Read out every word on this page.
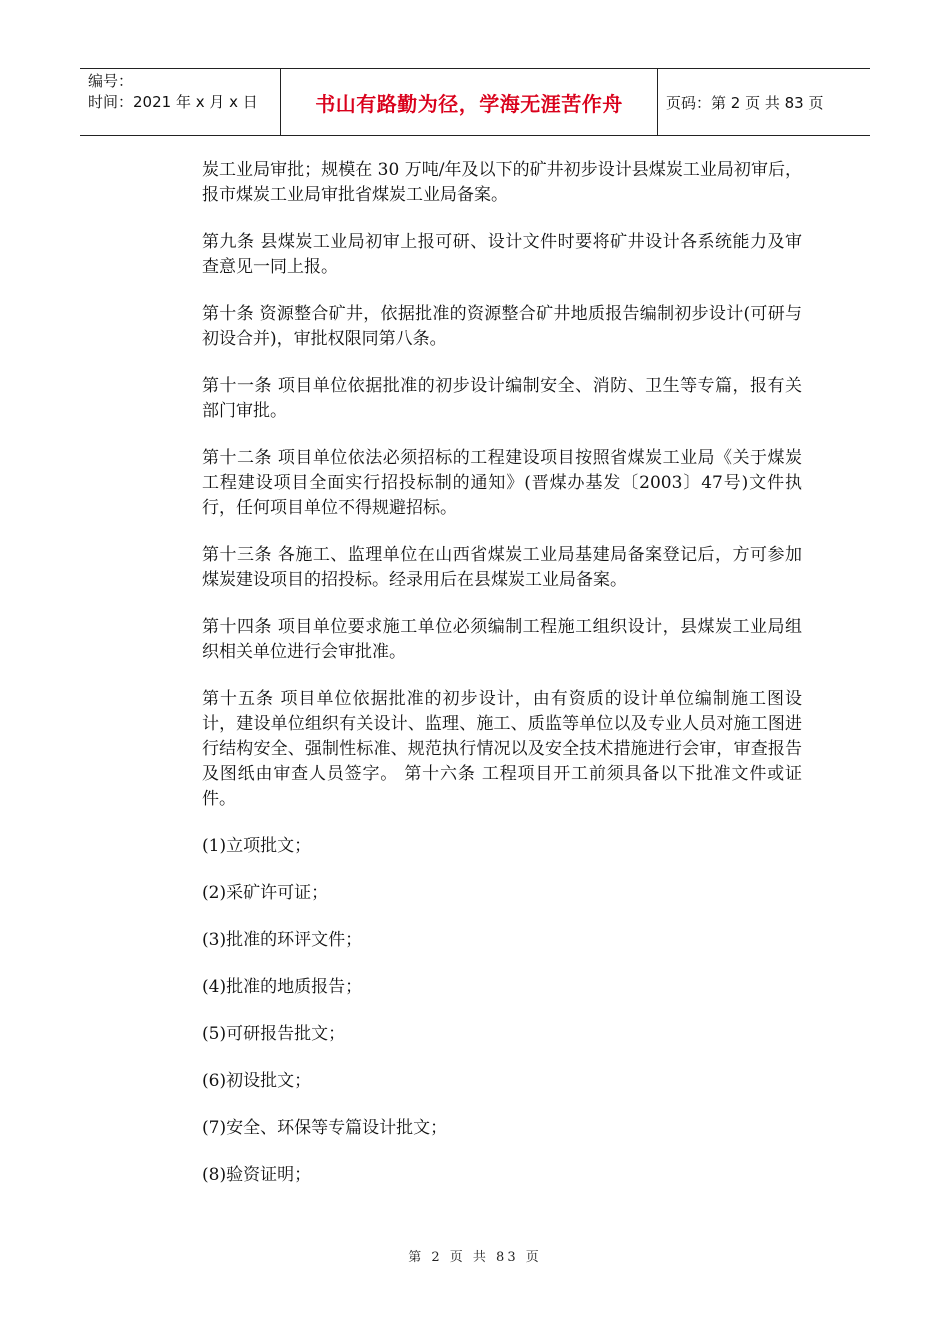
编号：
时间：2021 年 x 月 x 日	书山有路勤为径，学海无涯苦作舟	页码：第 2 页 共 83 页

炭工业局审批；规模在 30 万吨/年及以下的矿井初步设计县煤炭工业局初审后，报市煤炭工业局审批省煤炭工业局备案。

第九条 县煤炭工业局初审上报可研、设计文件时要将矿井设计各系统能力及审查意见一同上报。

第十条 资源整合矿井，依据批准的资源整合矿井地质报告编制初步设计(可研与初设合并)，审批权限同第八条。

第十一条 项目单位依据批准的初步设计编制安全、消防、卫生等专篇，报有关部门审批。

第十二条 项目单位依法必须招标的工程建设项目按照省煤炭工业局《关于煤炭工程建设项目全面实行招投标制的通知》(晋煤办基发〔2003〕47号)文件执行，任何项目单位不得规避招标。

第十三条 各施工、监理单位在山西省煤炭工业局基建局备案登记后，方可参加煤炭建设项目的招投标。经录用后在县煤炭工业局备案。

第十四条 项目单位要求施工单位必须编制工程施工组织设计，县煤炭工业局组织相关单位进行会审批准。

第十五条 项目单位依据批准的初步设计，由有资质的设计单位编制施工图设计，建设单位组织有关设计、监理、施工、质监等单位以及专业人员对施工图进行结构安全、强制性标准、规范执行情况以及安全技术措施进行会审，审查报告及图纸由审查人员签字。 第十六条 工程项目开工前须具备以下批准文件或证件。

(1)立项批文；
(2)采矿许可证；
(3)批准的环评文件；
(4)批准的地质报告；
(5)可研报告批文；
(6)初设批文；
(7)安全、环保等专篇设计批文；
(8)验资证明；
第 2 页 共 83 页
